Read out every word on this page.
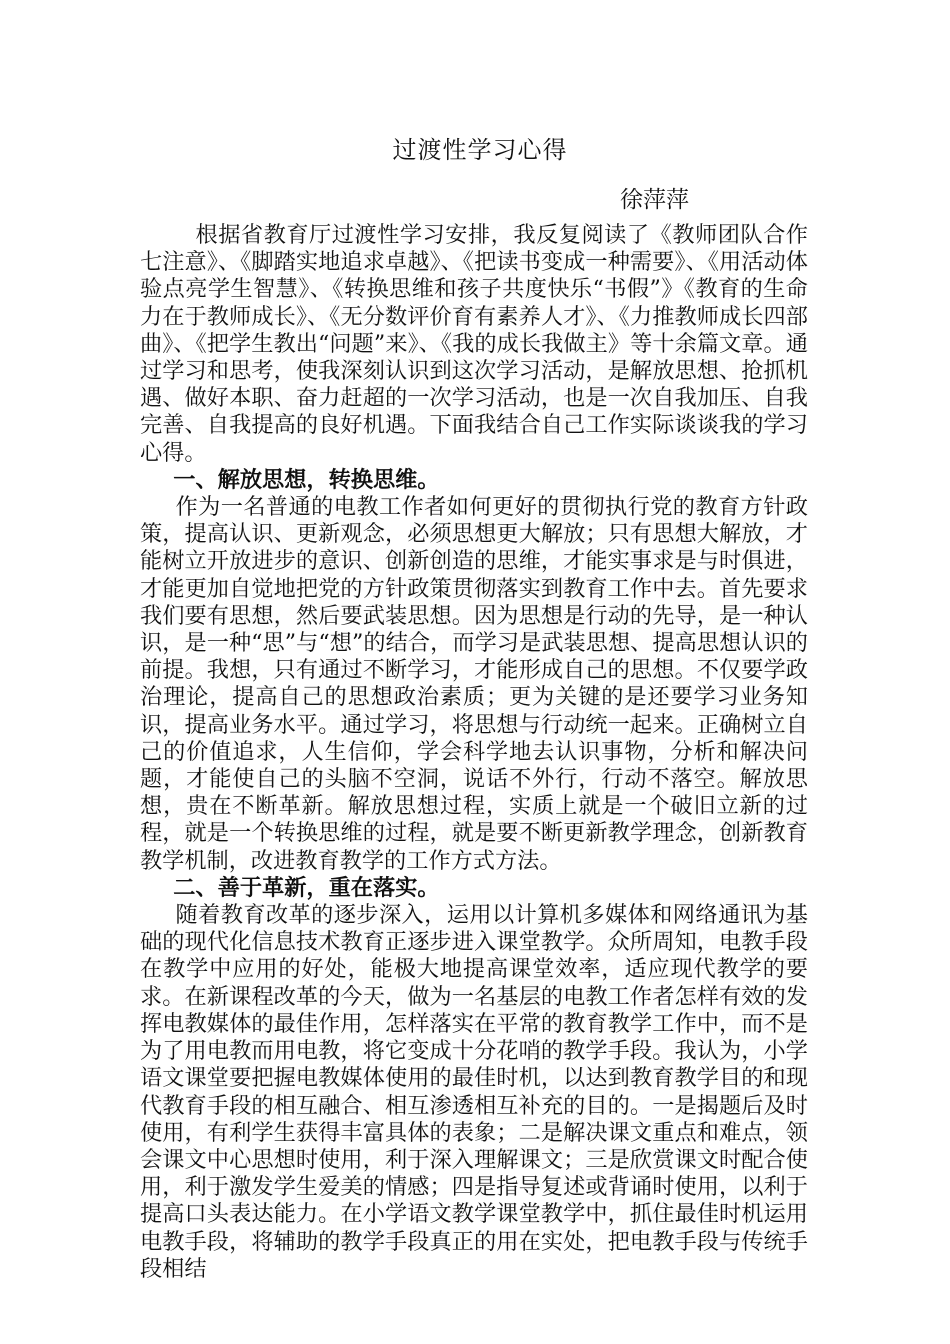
过渡性学习心得
徐萍萍

根据省教育厅过渡性学习安排，我反复阅读了《教师团队合作七注意》、《脚踏实地追求卓越》、《把读书变成一种需要》、《用活动体验点亮学生智慧》、《转换思维和孩子共度快乐“书假”》《教育的生命力在于教师成长》、《无分数评价育有素养人才》、《力推教师成长四部曲》、《把学生教出“问题”来》、《我的成长我做主》等十余篇文章。通过学习和思考，使我深刻认识到这次学习活动，是解放思想、抢抓机遇、做好本职、奋力赶超的一次学习活动，也是一次自我加压、自我完善、自我提高的良好机遇。下面我结合自己工作实际谈谈我的学习心得。

一、解放思想，转换思维。

作为一名普通的电教工作者如何更好的贯彻执行党的教育方针政策，提高认识、更新观念，必须思想更大解放；只有思想大解放，才能树立开放进步的意识、创新创造的思维，才能实事求是与时俱进，才能更加自觉地把党的方针政策贯彻落实到教育工作中去。首先要求我们要有思想，然后要武装思想。因为思想是行动的先导，是一种认识，是一种“思”与“想”的结合，而学习是武装思想、提高思想认识的前提。我想，只有通过不断学习，才能形成自己的思想。不仅要学政治理论，提高自己的思想政治素质；更为关键的是还要学习业务知识，提高业务水平。通过学习，将思想与行动统一起来。正确树立自己的价值追求，人生信仰，学会科学地去认识事物，分析和解决问题，才能使自己的头脑不空洞，说话不外行，行动不落空。解放思想，贵在不断革新。解放思想过程，实质上就是一个破旧立新的过程，就是一个转换思维的过程，就是要不断更新教学理念，创新教育教学机制，改进教育教学的工作方式方法。

二、善于革新，重在落实。

随着教育改革的逐步深入，运用以计算机多媒体和网络通讯为基础的现代化信息技术教育正逐步进入课堂教学。众所周知，电教手段在教学中应用的好处，能极大地提高课堂效率，适应现代教学的要求。在新课程改革的今天，做为一名基层的电教工作者怎样有效的发挥电教媒体的最佳作用，怎样落实在平常的教育教学工作中，而不是为了用电教而用电教，将它变成十分花哨的教学手段。我认为，小学语文课堂要把握电教媒体使用的最佳时机，以达到教育教学目的和现代教育手段的相互融合、相互渗透相互补充的目的。一是揭题后及时使用，有利学生获得丰富具体的表象；二是解决课文重点和难点，领会课文中心思想时使用，利于深入理解课文；三是欣赏课文时配合使用，利于激发学生爱美的情感；四是指导复述或背诵时使用，以利于提高口头表达能力。在小学语文教学课堂教学中，抓住最佳时机运用电教手段，将辅助的教学手段真正的用在实处，把电教手段与传统手段相结
